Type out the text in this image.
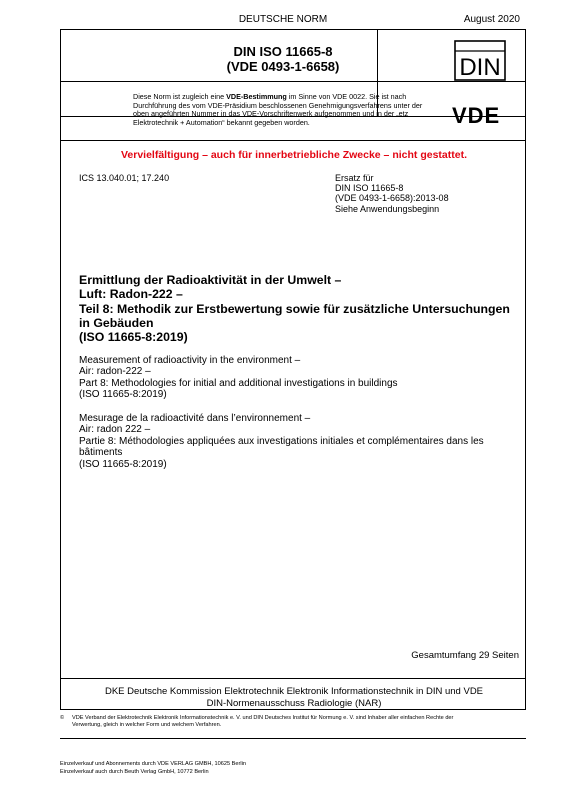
DEUTSCHE NORM	August 2020
DIN ISO 11665-8
(VDE 0493-1-6658)	DIN
Diese Norm ist zugleich eine VDE-Bestimmung im Sinne von VDE 0022. Sie ist nach Durchführung des vom VDE-Präsidium beschlossenen Genehmigungsverfahrens unter der oben angeführten Nummer in das VDE-Vorschriftenwerk aufgenommen und in der „etz Elektrotechnik + Automation“ bekannt gegeben worden.	VDE
Vervielfältigung – auch für innerbetriebliche Zwecke – nicht gestattet.
ICS 13.040.01; 17.240	Ersatz für
DIN ISO 11665-8
(VDE 0493-1-6658):2013-08
Siehe Anwendungsbeginn
Ermittlung der Radioaktivität in der Umwelt –
Luft: Radon-222 –
Teil 8: Methodik zur Erstbewertung sowie für zusätzliche Untersuchungen in Gebäuden
(ISO 11665-8:2019)
Measurement of radioactivity in the environment –
Air: radon-222 –
Part 8: Methodologies for initial and additional investigations in buildings
(ISO 11665-8:2019)
Mesurage de la radioactivité dans l’environnement –
Air: radon 222 –
Partie 8: Méthodologies appliquées aux investigations initiales et complémentaires dans les bâtiments
(ISO 11665-8:2019)
Gesamtumfang 29 Seiten
DKE Deutsche Kommission Elektrotechnik Elektronik Informationstechnik in DIN und VDE
DIN-Normenausschuss Radiologie (NAR)
© VDE Verband der Elektrotechnik Elektronik Informationstechnik e. V. und DIN Deutsches Institut für Normung e. V. sind Inhaber aller einfachen Rechte der Verwertung, gleich in welcher Form und welchem Verfahren.
Einzelverkauf und Abonnements durch VDE VERLAG GMBH, 10625 Berlin
Einzelverkauf auch durch Beuth Verlag GmbH, 10772 Berlin
